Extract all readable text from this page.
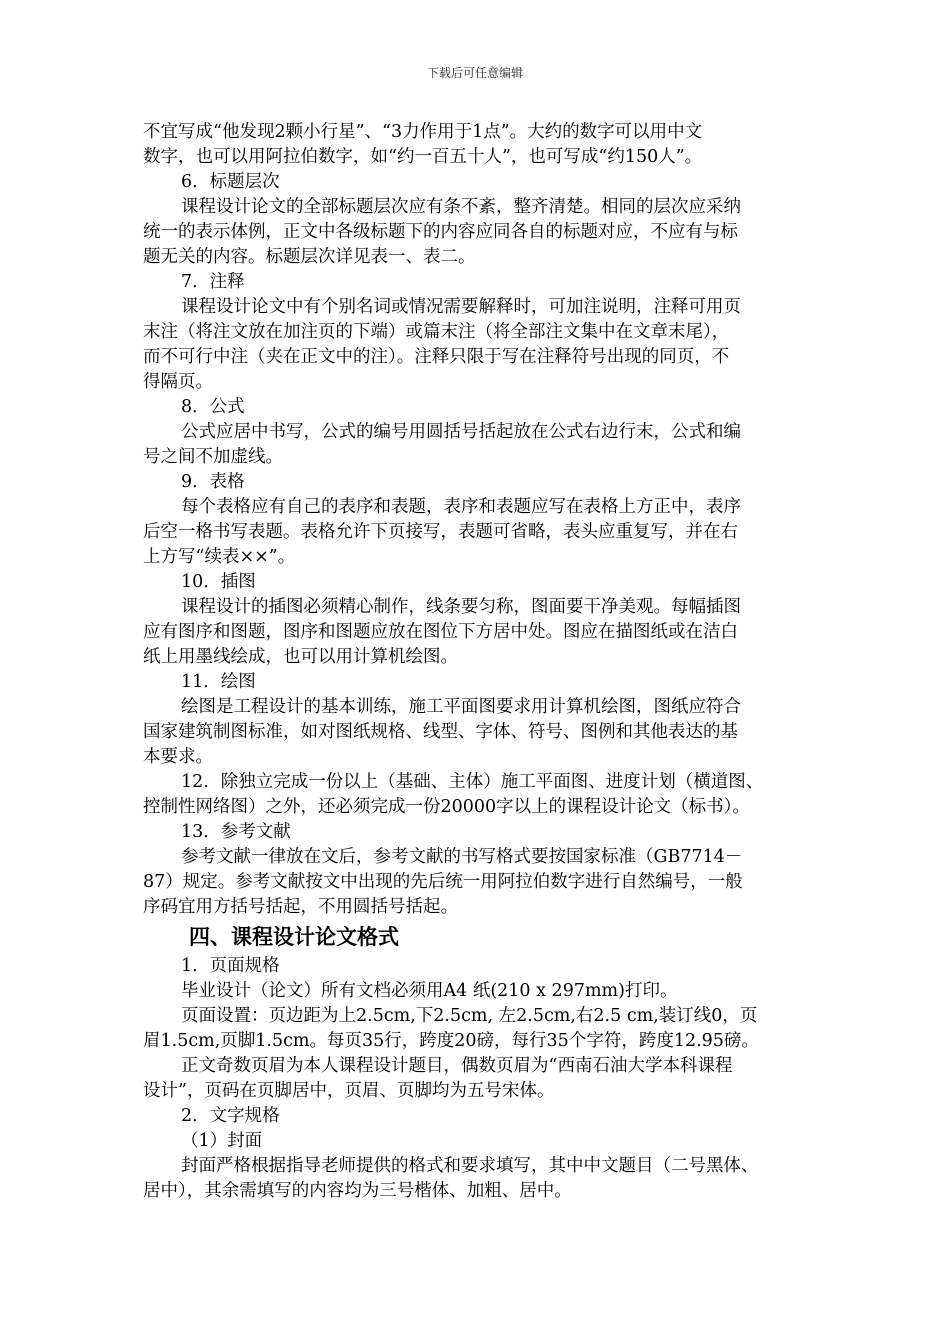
下载后可任意编辑
不宜写成“他发现2颗小行星”、“3力作用于1点”。大约的数字可以用中文
数字，也可以用阿拉伯数字，如“约一百五十人”，也可写成“约150人”。
6．标题层次
课程设计论文的全部标题层次应有条不紊，整齐清楚。相同的层次应采纳
统一的表示体例，正文中各级标题下的内容应同各自的标题对应，不应有与标
题无关的内容。标题层次详见表一、表二。
7．注释
课程设计论文中有个别名词或情况需要解释时，可加注说明，注释可用页
末注（将注文放在加注页的下端）或篇末注（将全部注文集中在文章末尾），
而不可行中注（夹在正文中的注）。注释只限于写在注释符号出现的同页，不
得隔页。
8．公式
公式应居中书写，公式的编号用圆括号括起放在公式右边行末，公式和编
号之间不加虚线。
9．表格
每个表格应有自己的表序和表题，表序和表题应写在表格上方正中，表序
后空一格书写表题。表格允许下页接写，表题可省略，表头应重复写，并在右
上方写“续表××”。
10．插图
课程设计的插图必须精心制作，线条要匀称，图面要干净美观。每幅插图
应有图序和图题，图序和图题应放在图位下方居中处。图应在描图纸或在洁白
纸上用墨线绘成，也可以用计算机绘图。
11．绘图
绘图是工程设计的基本训练，施工平面图要求用计算机绘图，图纸应符合
国家建筑制图标准，如对图纸规格、线型、字体、符号、图例和其他表达的基
本要求。
12．除独立完成一份以上（基础、主体）施工平面图、进度计划（横道图、
控制性网络图）之外，还必须完成一份20000字以上的课程设计论文（标书）。
13．参考文献
参考文献一律放在文后，参考文献的书写格式要按国家标准（GB7714－
87）规定。参考文献按文中出现的先后统一用阿拉伯数字进行自然编号，一般
序码宜用方括号括起，不用圆括号括起。
四、课程设计论文格式
1．页面规格
毕业设计（论文）所有文档必须用A4 纸(210 x 297mm)打印。
页面设置：页边距为上2.5cm,下2.5cm, 左2.5cm,右2.5 cm,装订线0，页
眉1.5cm,页脚1.5cm。每页35行，跨度20磅，每行35个字符，跨度12.95磅。
正文奇数页眉为本人课程设计题目，偶数页眉为“西南石油大学本科课程
设计”，页码在页脚居中，页眉、页脚均为五号宋体。
2．文字规格
（1）封面
封面严格根据指导老师提供的格式和要求填写，其中中文题目（二号黑体、
居中），其余需填写的内容均为三号楷体、加粗、居中。
